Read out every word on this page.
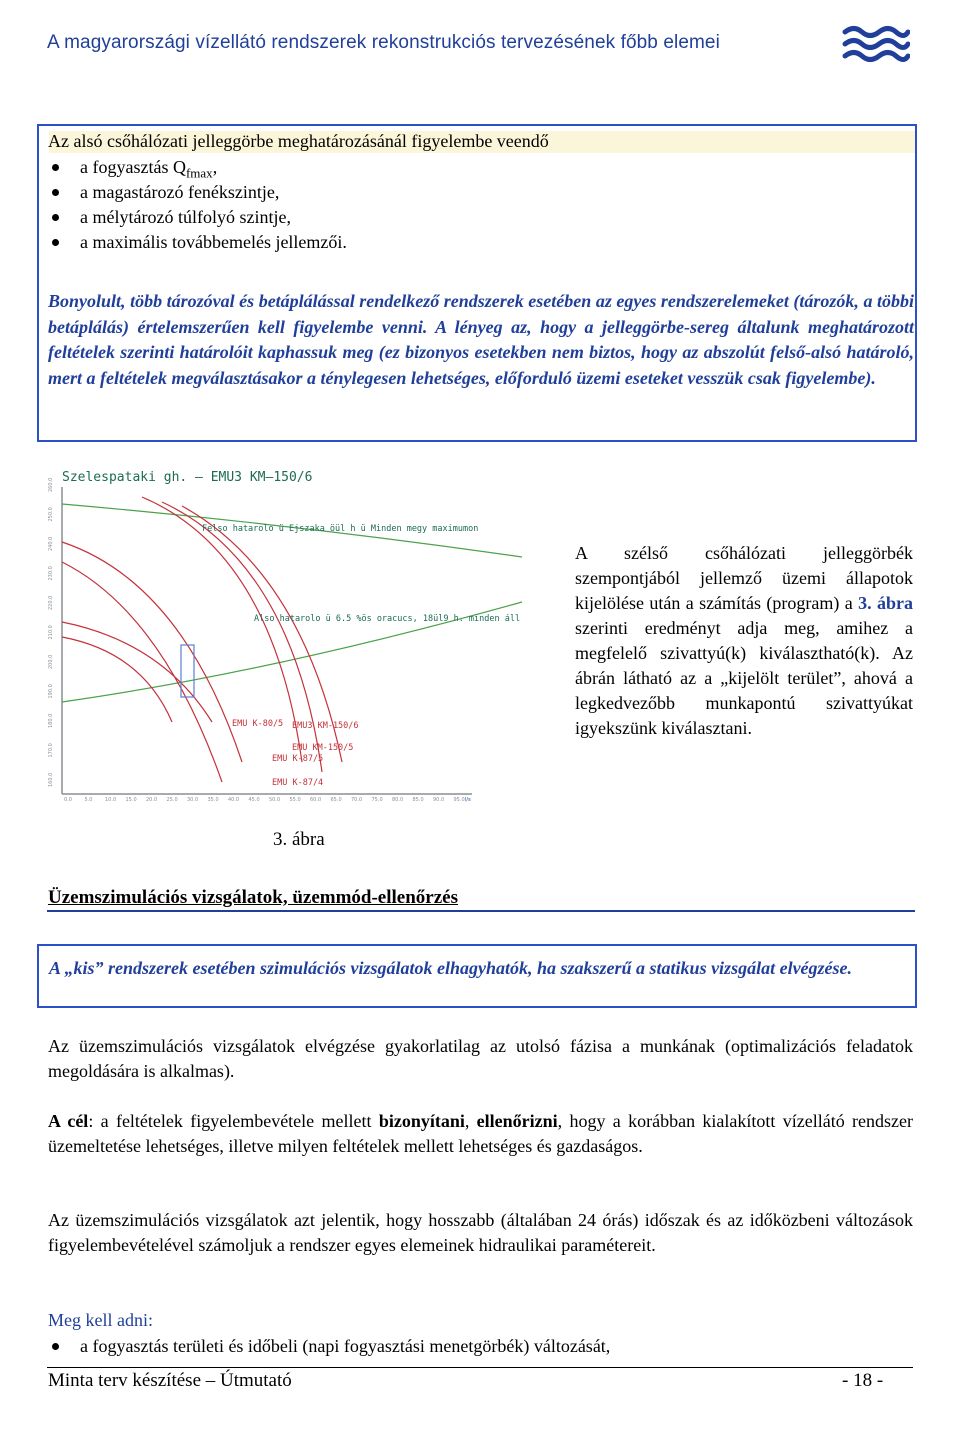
A magyarországi vízellátó rendszerek rekonstrukciós tervezésének főbb elemei
Az alsó csőhálózati jelleggörbe meghatározásánál figyelembe veendő
a fogyasztás $Q_{fmax}$,
a magastározó fenékszintje,
a mélytározó túlfolyó szintje,
a maximális továbbemelés jellemzői.
Bonyolult, több tározóval és betáplálással rendelkező rendszerek esetében az egyes rendszerelemeket (tározók, a többi betáplálás) értelemszerűen kell figyelembe venni. A lényeg az, hogy a jelleggörbe-sereg általunk meghatározott feltételek szerinti határolóit kaphassuk meg (ez bizonyos esetekben nem biztos, hogy az abszolút felső-alsó határoló, mert a feltételek megválasztásakor a ténylegesen lehetséges, előforduló üzemi eseteket vesszük csak figyelembe).
Szelespataki gh. – EMU3 KM–150/6
160.0
170.0
180.0
190.0
200.0
210.0
220.0
230.0
240.0
250.0
260.0
0.0	5.0	10.0 15.0 20.0 25.0 30.0 35.0 40.0 45.0 50.0 55.0 60.0 65.0 70.0 75.0 80.0 85.0 90.0 95.0 l/s
Felso hatarolo ü Ejszaka öül h ü Minden megy maximumon
Also hatarolo ü 6.5 %ös oracucs, 18ül9 h. minden áll
EMU K-80/5 EMU3 KM-150/6
EMU KM-150/5
EMU K-87/5
EMU K-87/4
A szélső csőhálózati jelleggörbék szempontjából jellemző üzemi állapotok kijelölése után a számítás (program) a 3. ábra szerinti eredményt adja meg, amihez a megfelelő szivattyú(k) kiválasztható(k). Az ábrán látható az a „kijelölt terület”, ahová a legkedvezőbb munkapontú szivattyúkat igyekszünk kiválasztani.
3. ábra
Üzemszimulációs vizsgálatok, üzemmód-ellenőrzés
A „kis” rendszerek esetében szimulációs vizsgálatok elhagyhatók, ha szakszerű a statikus vizsgálat elvégzése.
Az üzemszimulációs vizsgálatok elvégzése gyakorlatilag az utolsó fázisa a munkának (optimalizációs feladatok megoldására is alkalmas).
A cél: a feltételek figyelembevétele mellett bizonyítani, ellenőrizni, hogy a korábban kialakított vízellátó rendszer üzemeltetése lehetséges, illetve milyen feltételek mellett lehetséges és gazdaságos.
Az üzemszimulációs vizsgálatok azt jelentik, hogy hosszabb (általában 24 órás) időszak és az időközbeni változások figyelembevételével számoljuk a rendszer egyes elemeinek hidraulikai paramétereit.
Meg kell adni:
a fogyasztás területi és időbeli (napi fogyasztási menetgörbék) változását,
Minta terv készítése – Útmutató	- 18 -
